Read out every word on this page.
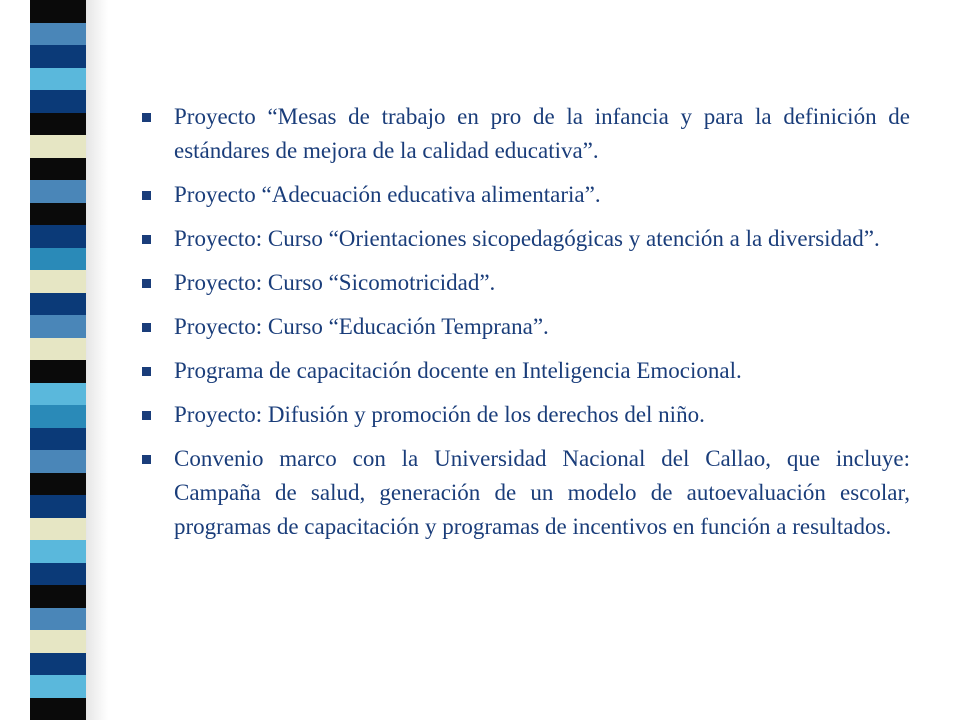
Proyecto “Mesas de trabajo en pro de la infancia y para la definición de estándares de mejora de la calidad educativa”.
Proyecto “Adecuación educativa alimentaria”.
Proyecto: Curso “Orientaciones sicopedagógicas y atención a la diversidad”.
Proyecto: Curso “Sicomotricidad”.
Proyecto: Curso “Educación Temprana”.
Programa de capacitación docente en Inteligencia Emocional.
Proyecto: Difusión y promoción de los derechos del niño.
Convenio marco con la Universidad Nacional del Callao, que incluye: Campaña de salud, generación de un modelo de autoevaluación escolar, programas de capacitación y programas de incentivos en función a resultados.
